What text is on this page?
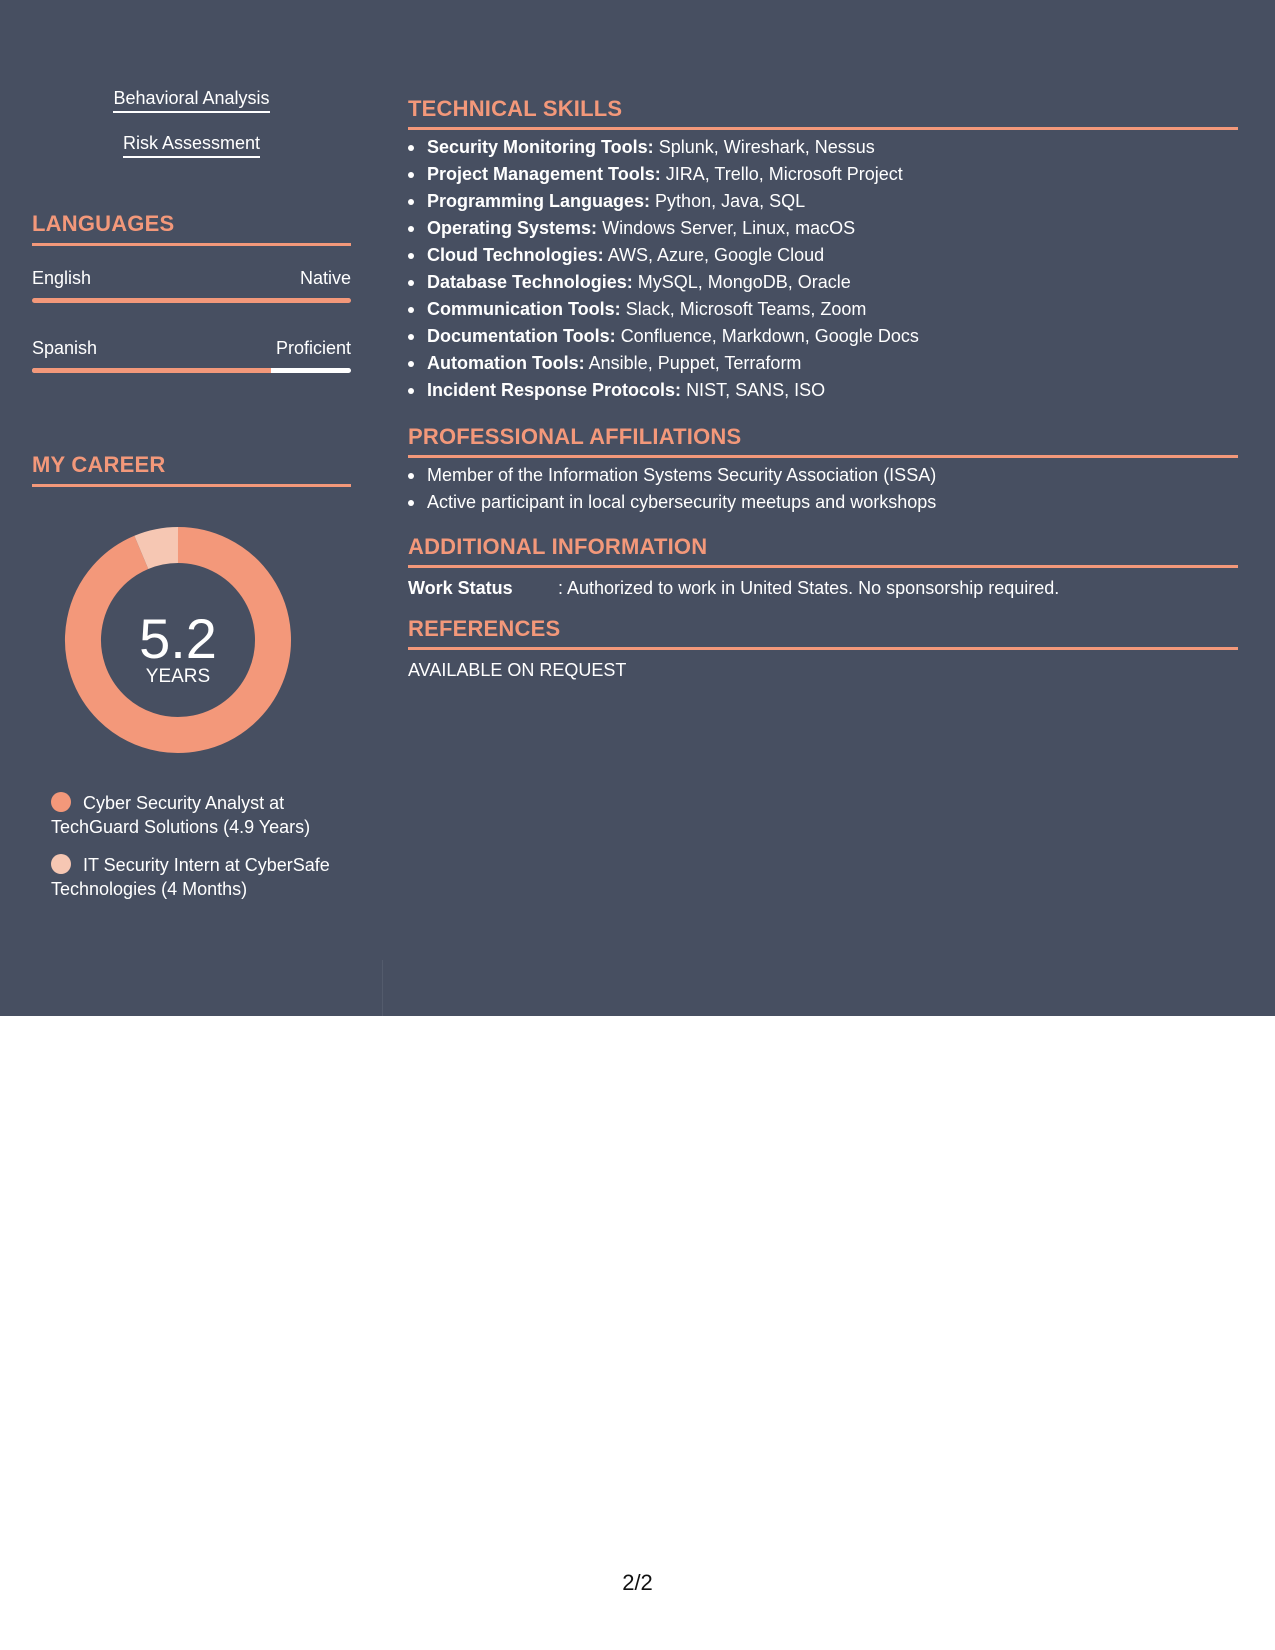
Behavioral Analysis
Risk Assessment
LANGUAGES
English	Native
Spanish	Proficient
MY CAREER
5.2
YEARS
Cyber Security Analyst at TechGuard Solutions (4.9 Years)
IT Security Intern at CyberSafe Technologies (4 Months)
TECHNICAL SKILLS
Security Monitoring Tools: Splunk, Wireshark, Nessus
Project Management Tools: JIRA, Trello, Microsoft Project
Programming Languages: Python, Java, SQL
Operating Systems: Windows Server, Linux, macOS
Cloud Technologies: AWS, Azure, Google Cloud
Database Technologies: MySQL, MongoDB, Oracle
Communication Tools: Slack, Microsoft Teams, Zoom
Documentation Tools: Confluence, Markdown, Google Docs
Automation Tools: Ansible, Puppet, Terraform
Incident Response Protocols: NIST, SANS, ISO
PROFESSIONAL AFFILIATIONS
Member of the Information Systems Security Association (ISSA)
Active participant in local cybersecurity meetups and workshops
ADDITIONAL INFORMATION
Work Status	: Authorized to work in United States. No sponsorship required.
REFERENCES
AVAILABLE ON REQUEST
2/2
